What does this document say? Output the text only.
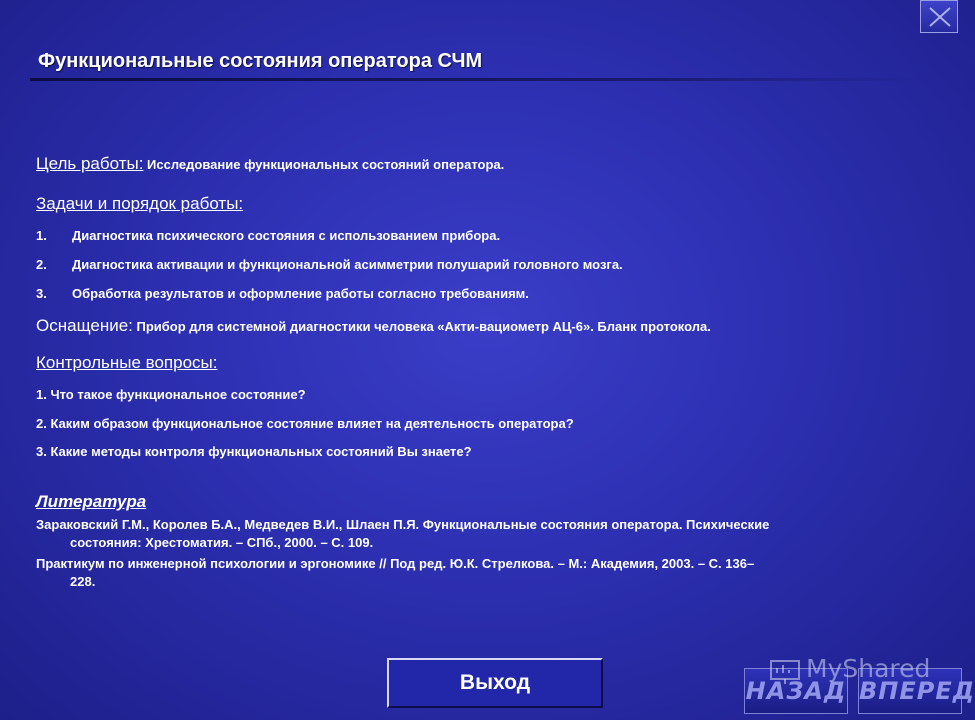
Функциональные состояния оператора СЧМ
Цель работы: Исследование функциональных состояний оператора.
Задачи и порядок работы:
1. Диагностика психического состояния с использованием прибора.
2. Диагностика активации и функциональной асимметрии полушарий головного мозга.
3. Обработка результатов и оформление работы согласно требованиям.
Оснащение: Прибор для системной диагностики человека «Акти-вациометр АЦ-6». Бланк протокола.
Контрольные вопросы:
1. Что такое функциональное состояние?
2. Каким образом функциональное состояние влияет на деятельность оператора?
3. Какие методы контроля функциональных состояний Вы знаете?
Литература
Зараковский Г.М., Королев Б.А., Медведев В.И., Шлаен П.Я. Функциональные состояния оператора. Психические
состояния: Хрестоматия. – СПб., 2000. – С. 109.
Практикум по инженерной психологии и эргономике // Под ред. Ю.К. Стрелкова. – М.: Академия, 2003. – С. 136–
228.
Выход	НАЗАД ВПЕРЕД
MyShared
